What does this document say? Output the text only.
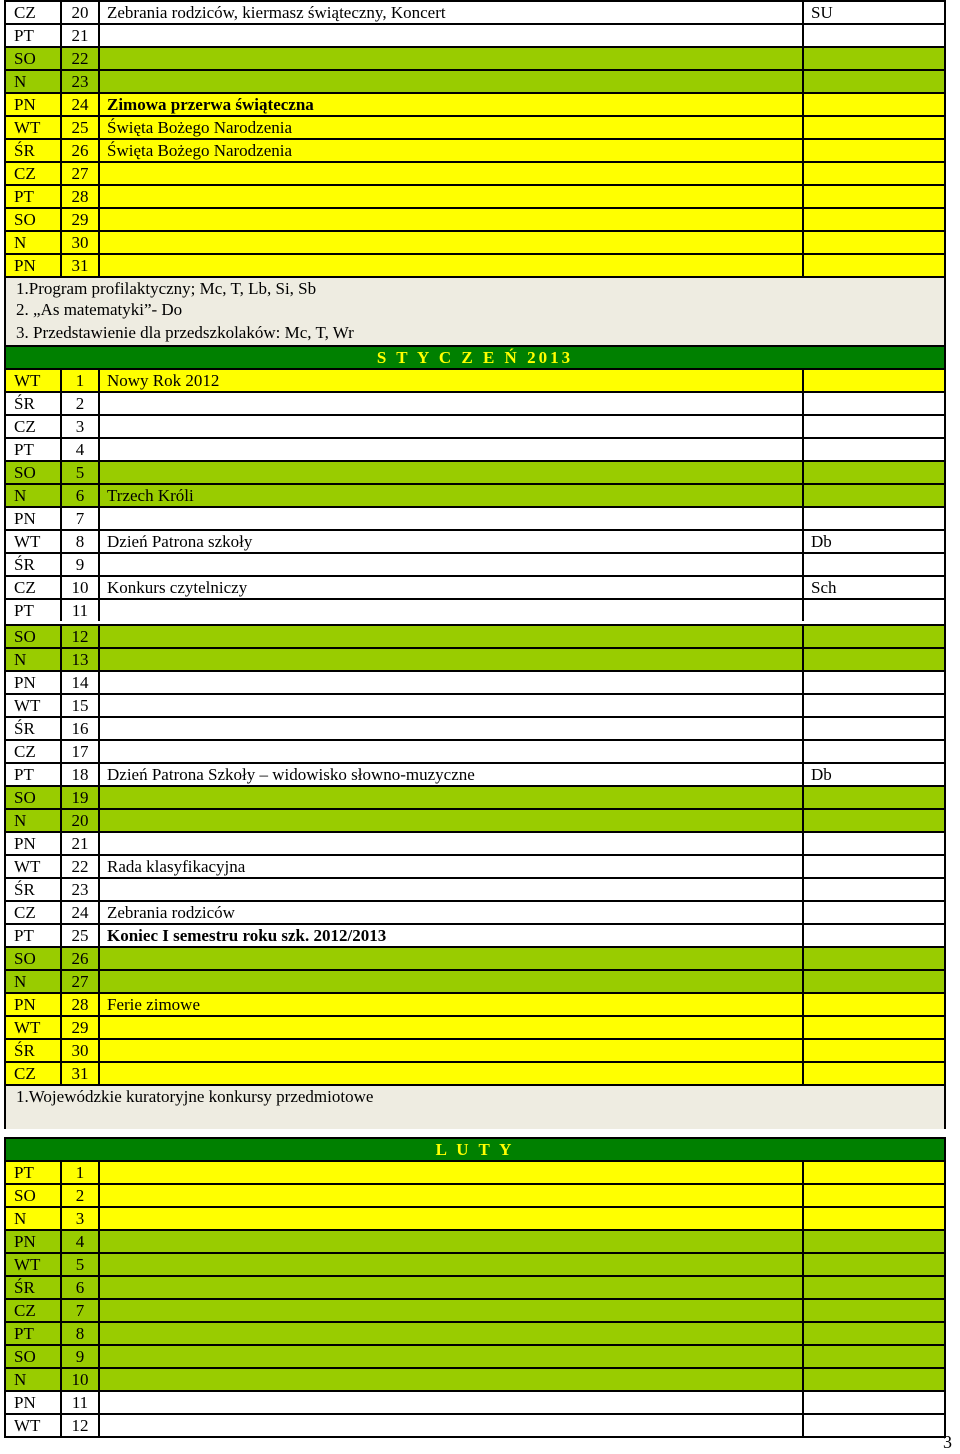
CZ	20	Zebrania rodziców, kiermasz świąteczny, Koncert	SU
PT	21
SO	22
N	23
PN	24	Zimowa przerwa świąteczna
WT	25	Święta Bożego Narodzenia
ŚR	26	Święta Bożego Narodzenia
CZ	27
PT	28
SO	29
N	30
PN	31
1.Program profilaktyczny; Mc, T, Lb, Si, Sb
2. „As matematyki”- Do
3. Przedstawienie dla przedszkolaków: Mc, T, Wr
S T Y C Z E Ń 2013
WT	1	Nowy Rok 2012
ŚR	2
CZ	3
PT	4
SO	5
N	6	Trzech Króli
PN	7
WT	8	Dzień Patrona szkoły	Db
ŚR	9
CZ	10	Konkurs czytelniczy	Sch
PT	11
SO	12
N	13
PN	14
WT	15
ŚR	16
CZ	17
PT	18	Dzień Patrona Szkoły – widowisko słowno-muzyczne	Db
SO	19
N	20
PN	21
WT	22	Rada klasyfikacyjna
ŚR	23
CZ	24	Zebrania rodziców
PT	25	Koniec I semestru roku szk. 2012/2013
SO	26
N	27
PN	28	Ferie zimowe
WT	29
ŚR	30
CZ	31
1.Wojewódzkie kuratoryjne konkursy przedmiotowe
L U T Y
PT	1
SO	2
N	3
PN	4
WT	5
ŚR	6
CZ	7
PT	8
SO	9
N	10
PN	11
WT	12
3
